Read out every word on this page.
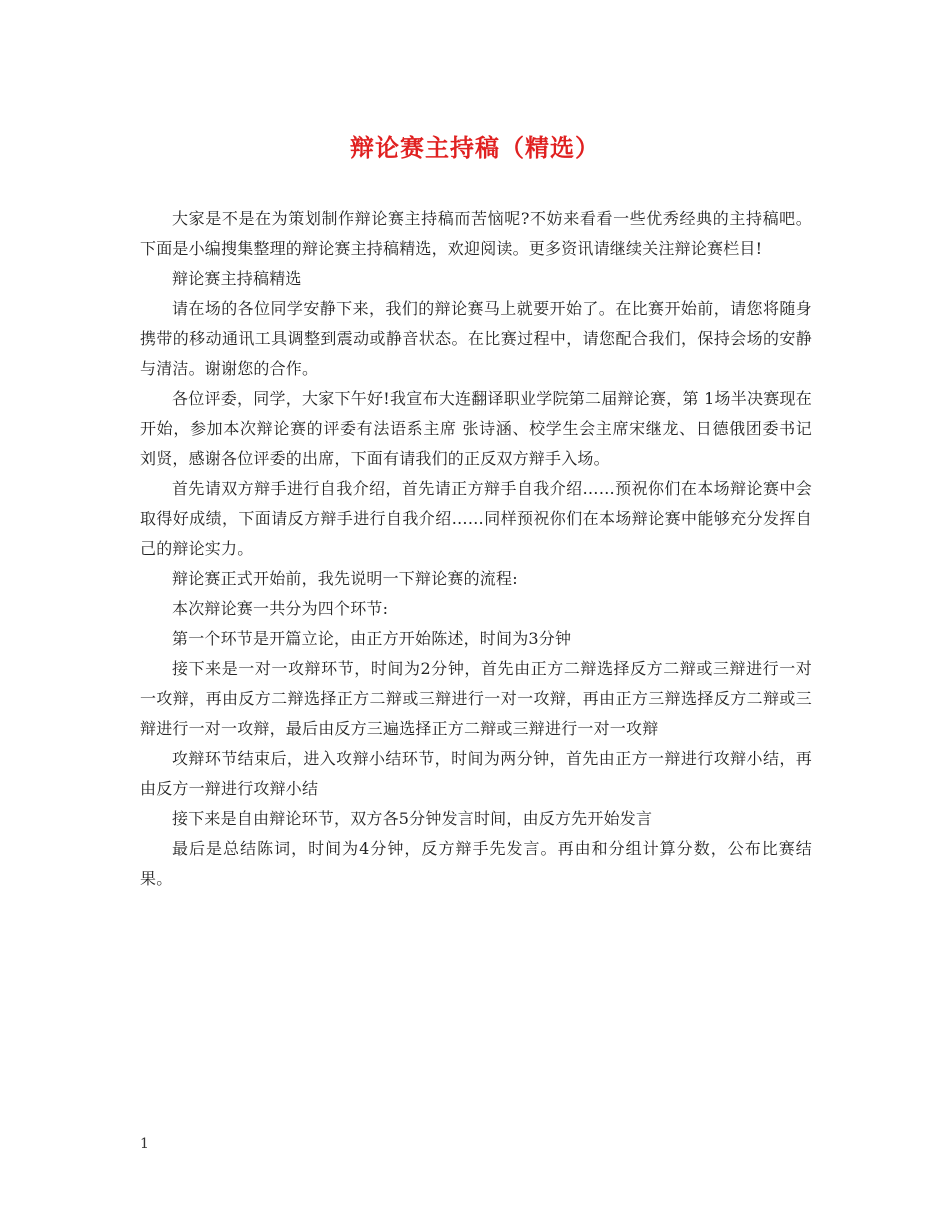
辩论赛主持稿（精选）

大家是不是在为策划制作辩论赛主持稿而苦恼呢?不妨来看看一些优秀经典的主持稿吧。下面是小编搜集整理的辩论赛主持稿精选，欢迎阅读。更多资讯请继续关注辩论赛栏目!

辩论赛主持稿精选

请在场的各位同学安静下来，我们的辩论赛马上就要开始了。在比赛开始前，请您将随身携带的移动通讯工具调整到震动或静音状态。在比赛过程中，请您配合我们，保持会场的安静与清洁。谢谢您的合作。

各位评委，同学，大家下午好!我宣布大连翻译职业学院第二届辩论赛，第 1场半决赛现在开始，参加本次辩论赛的评委有法语系主席 张诗涵、校学生会主席宋继龙、日德俄团委书记 刘贤，感谢各位评委的出席，下面有请我们的正反双方辩手入场。

首先请双方辩手进行自我介绍，首先请正方辩手自我介绍……预祝你们在本场辩论赛中会取得好成绩，下面请反方辩手进行自我介绍……同样预祝你们在本场辩论赛中能够充分发挥自己的辩论实力。

辩论赛正式开始前，我先说明一下辩论赛的流程:

本次辩论赛一共分为四个环节:

第一个环节是开篇立论，由正方开始陈述，时间为3分钟

接下来是一对一攻辩环节，时间为2分钟，首先由正方二辩选择反方二辩或三辩进行一对一攻辩，再由反方二辩选择正方二辩或三辩进行一对一攻辩，再由正方三辩选择反方二辩或三辩进行一对一攻辩，最后由反方三遍选择正方二辩或三辩进行一对一攻辩

攻辩环节结束后，进入攻辩小结环节，时间为两分钟，首先由正方一辩进行攻辩小结，再由反方一辩进行攻辩小结

接下来是自由辩论环节，双方各5分钟发言时间，由反方先开始发言

最后是总结陈词，时间为4分钟，反方辩手先发言。再由和分组计算分数，公布比赛结果。

1
